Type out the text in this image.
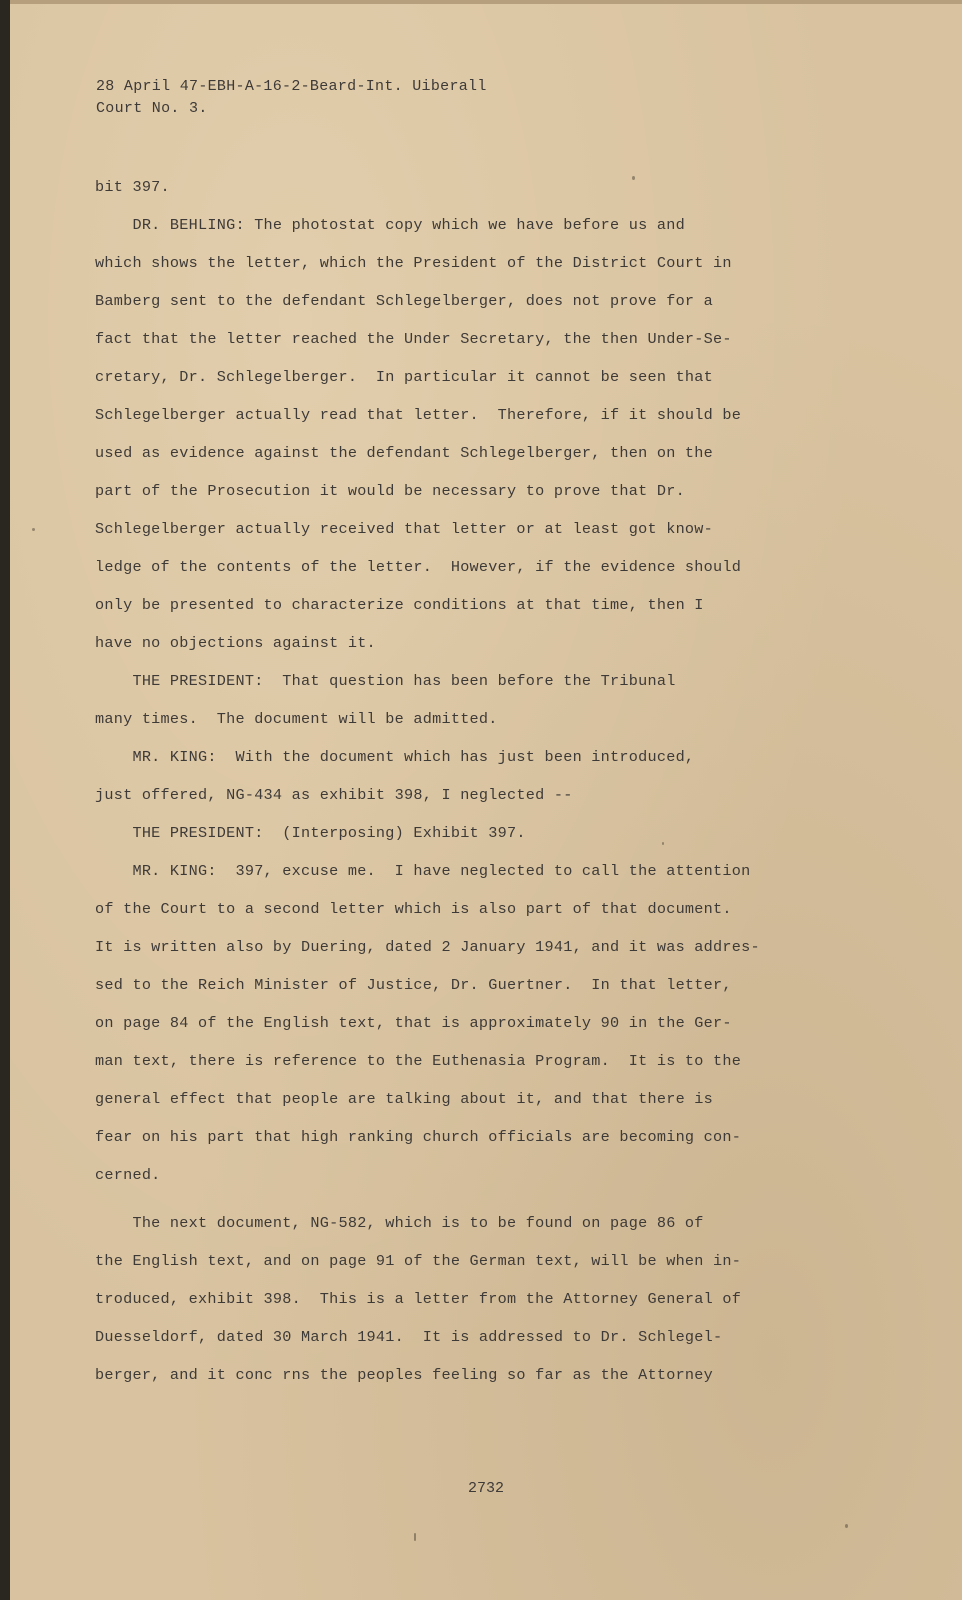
28 April 47-EBH-A-16-2-Beard-Int. Uiberall
Court No. 3.
bit 397.
DR. BEHLING: The photostat copy which we have before us and
which shows the letter, which the President of the District Court in
Bamberg sent to the defendant Schlegelberger, does not prove for a
fact that the letter reached the Under Secretary, the then Under-Se-
cretary, Dr. Schlegelberger.  In particular it cannot be seen that
Schlegelberger actually read that letter.  Therefore, if it should be
used as evidence against the defendant Schlegelberger, then on the
part of the Prosecution it would be necessary to prove that Dr.
Schlegelberger actually received that letter or at least got know-
ledge of the contents of the letter.  However, if the evidence should
only be presented to characterize conditions at that time, then I
have no objections against it.
THE PRESIDENT:  That question has been before the Tribunal
many times.  The document will be admitted.
MR. KING:  With the document which has just been introduced,
just offered, NG-434 as exhibit 398, I neglected --
THE PRESIDENT:  (Interposing) Exhibit 397.
MR. KING:  397, excuse me.  I have neglected to call the attention
of the Court to a second letter which is also part of that document.
It is written also by Duering, dated 2 January 1941, and it was addres-
sed to the Reich Minister of Justice, Dr. Guertner.  In that letter,
on page 84 of the English text, that is approximately 90 in the Ger-
man text, there is reference to the Euthenasia Program.  It is to the
general effect that people are talking about it, and that there is
fear on his part that high ranking church officials are becoming con-
cerned.
The next document, NG-582, which is to be found on page 86 of
the English text, and on page 91 of the German text, will be when in-
troduced, exhibit 398.  This is a letter from the Attorney General of
Duesseldorf, dated 30 March 1941.  It is addressed to Dr. Schlegel-
berger, and it conc rns the peoples feeling so far as the Attorney
2732
